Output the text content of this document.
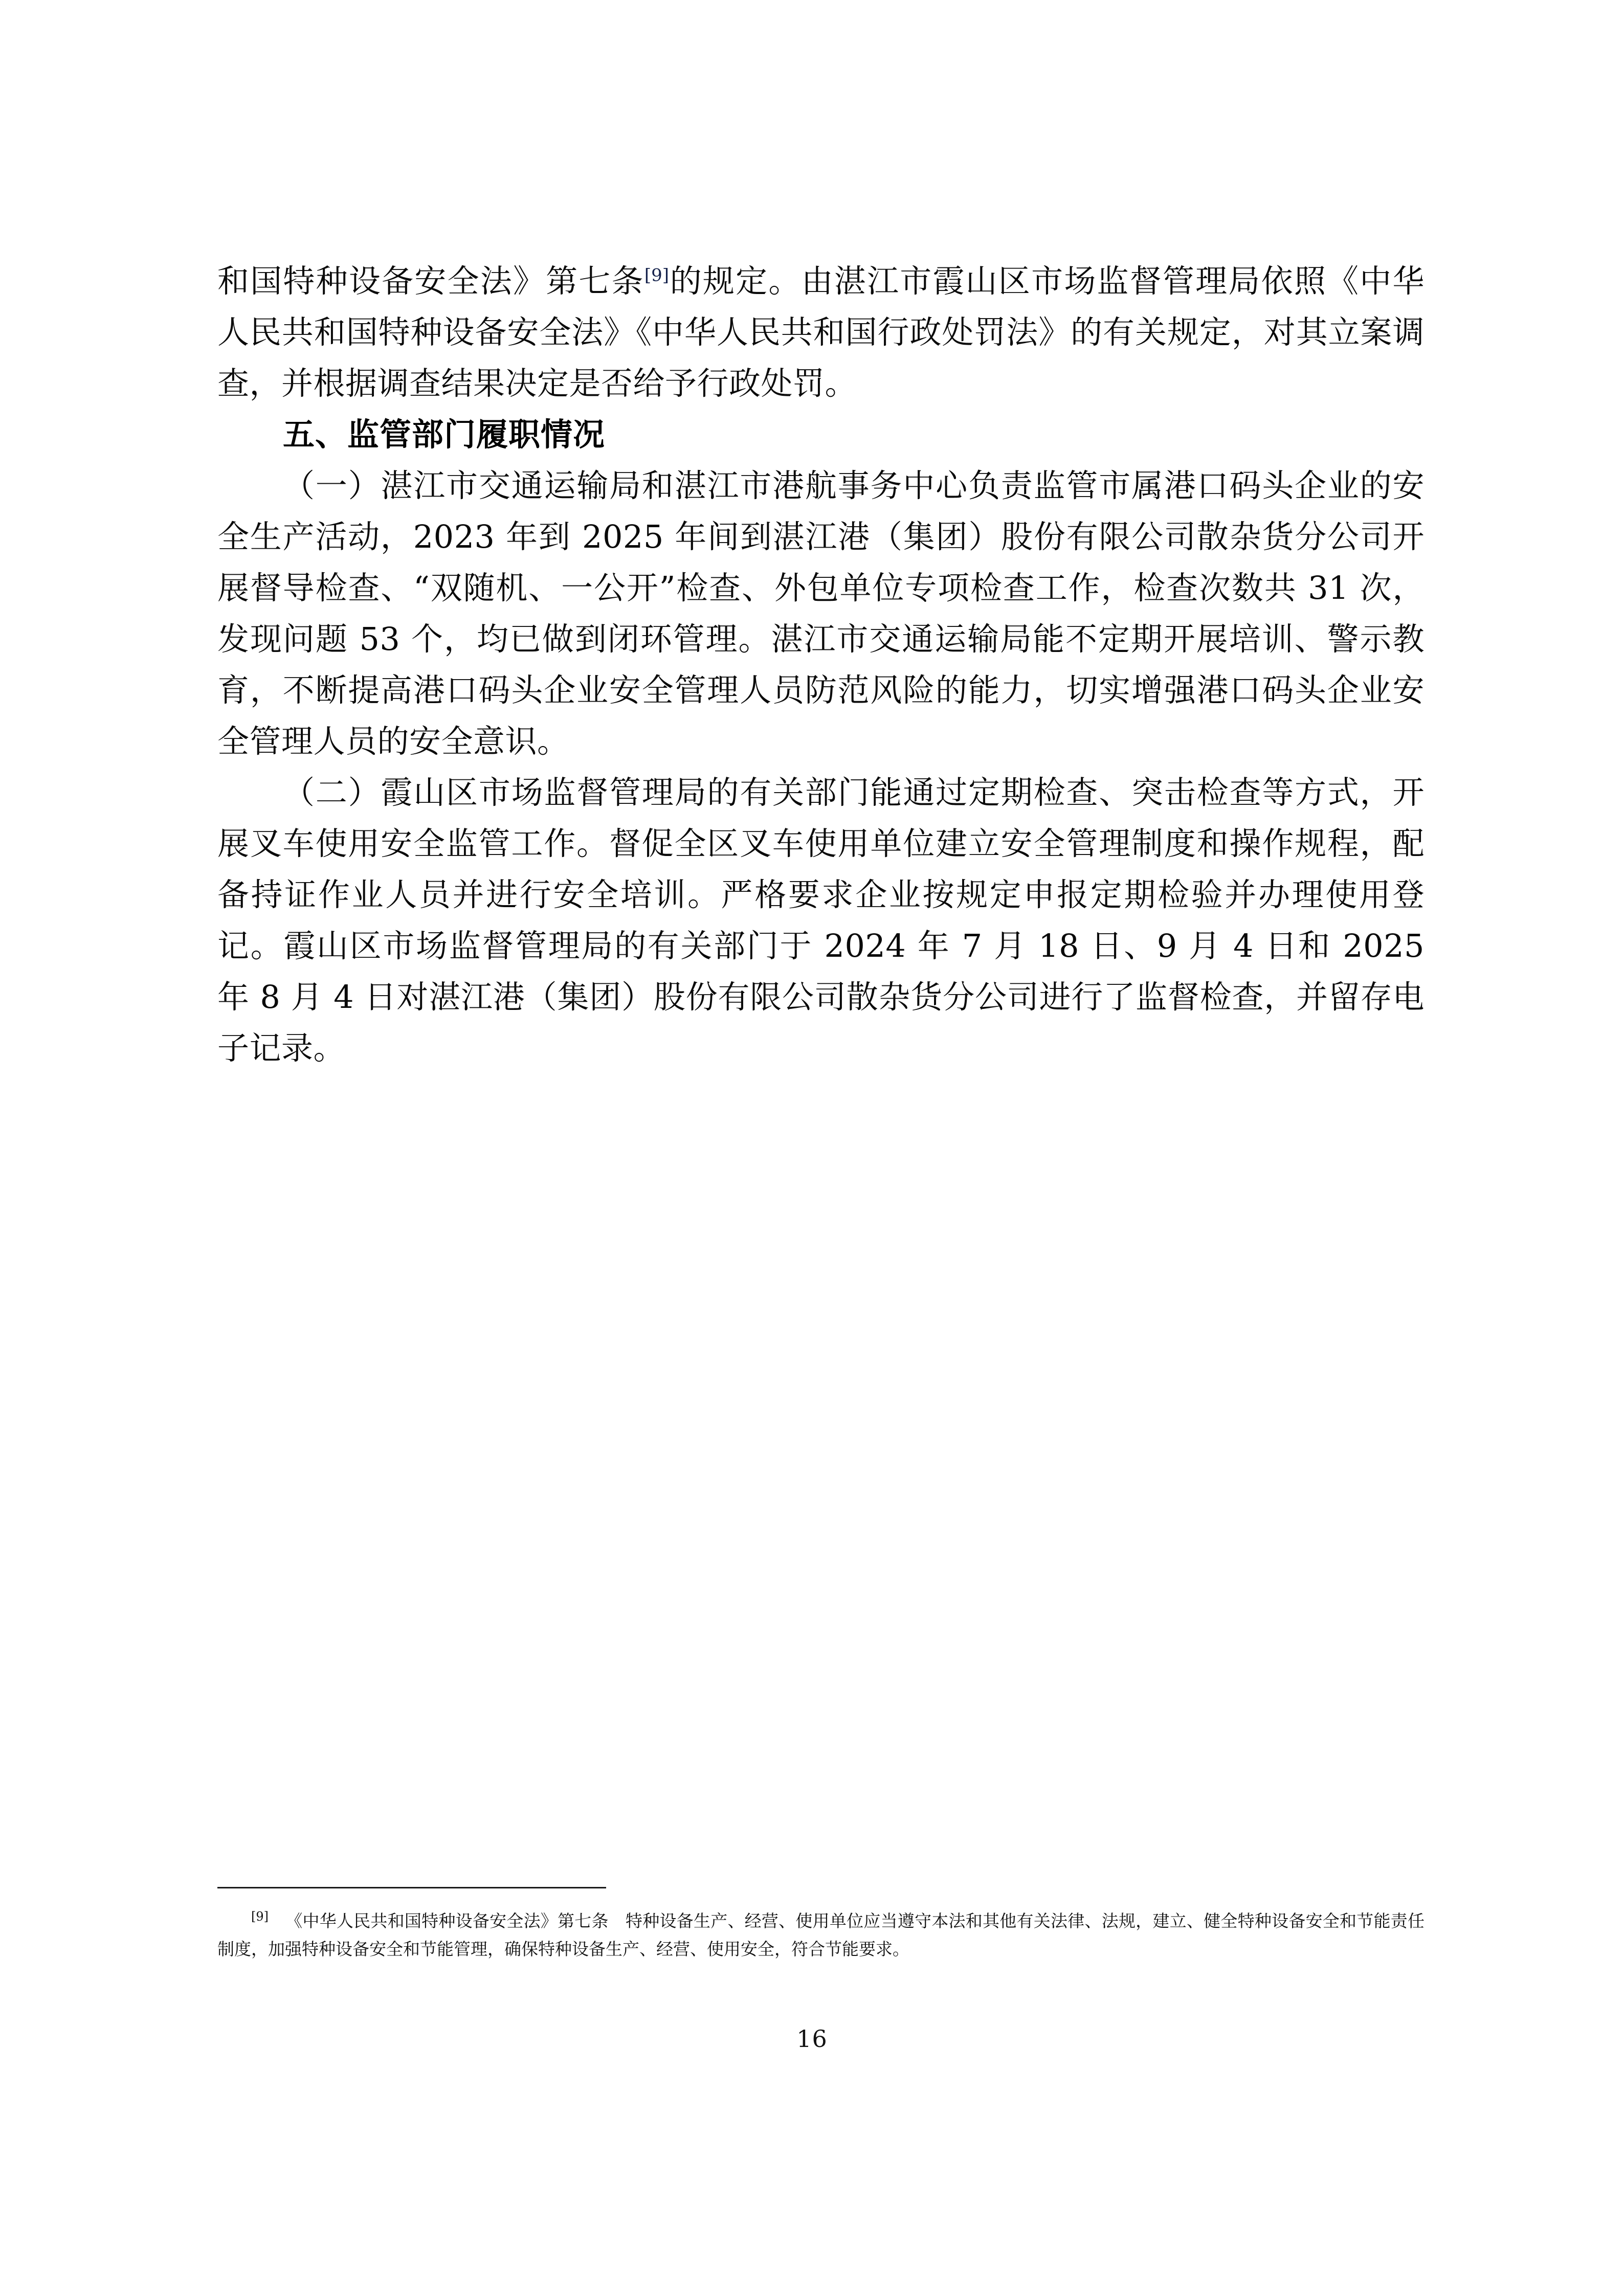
和国特种设备安全法》第七条[9]的规定。由湛江市霞山区市场监督管理局依照《中华人民共和国特种设备安全法》《中华人民共和国行政处罚法》的有关规定，对其立案调查，并根据调查结果决定是否给予行政处罚。

五、监管部门履职情况

（一）湛江市交通运输局和湛江市港航事务中心负责监管市属港口码头企业的安全生产活动，2023 年到 2025 年间到湛江港（集团）股份有限公司散杂货分公司开展督导检查、“双随机、一公开”检查、外包单位专项检查工作，检查次数共 31 次，发现问题 53 个，均已做到闭环管理。湛江市交通运输局能不定期开展培训、警示教育，不断提高港口码头企业安全管理人员防范风险的能力，切实增强港口码头企业安全管理人员的安全意识。

（二）霞山区市场监督管理局的有关部门能通过定期检查、突击检查等方式，开展叉车使用安全监管工作。督促全区叉车使用单位建立安全管理制度和操作规程，配备持证作业人员并进行安全培训。严格要求企业按规定申报定期检验并办理使用登记。霞山区市场监督管理局的有关部门于 2024 年 7 月 18 日、9 月 4 日和 2025 年 8 月 4 日对湛江港（集团）股份有限公司散杂货分公司进行了监督检查，并留存电子记录。

[9] 《中华人民共和国特种设备安全法》第七条　特种设备生产、经营、使用单位应当遵守本法和其他有关法律、法规，建立、健全特种设备安全和节能责任制度，加强特种设备安全和节能管理，确保特种设备生产、经营、使用安全，符合节能要求。

16
